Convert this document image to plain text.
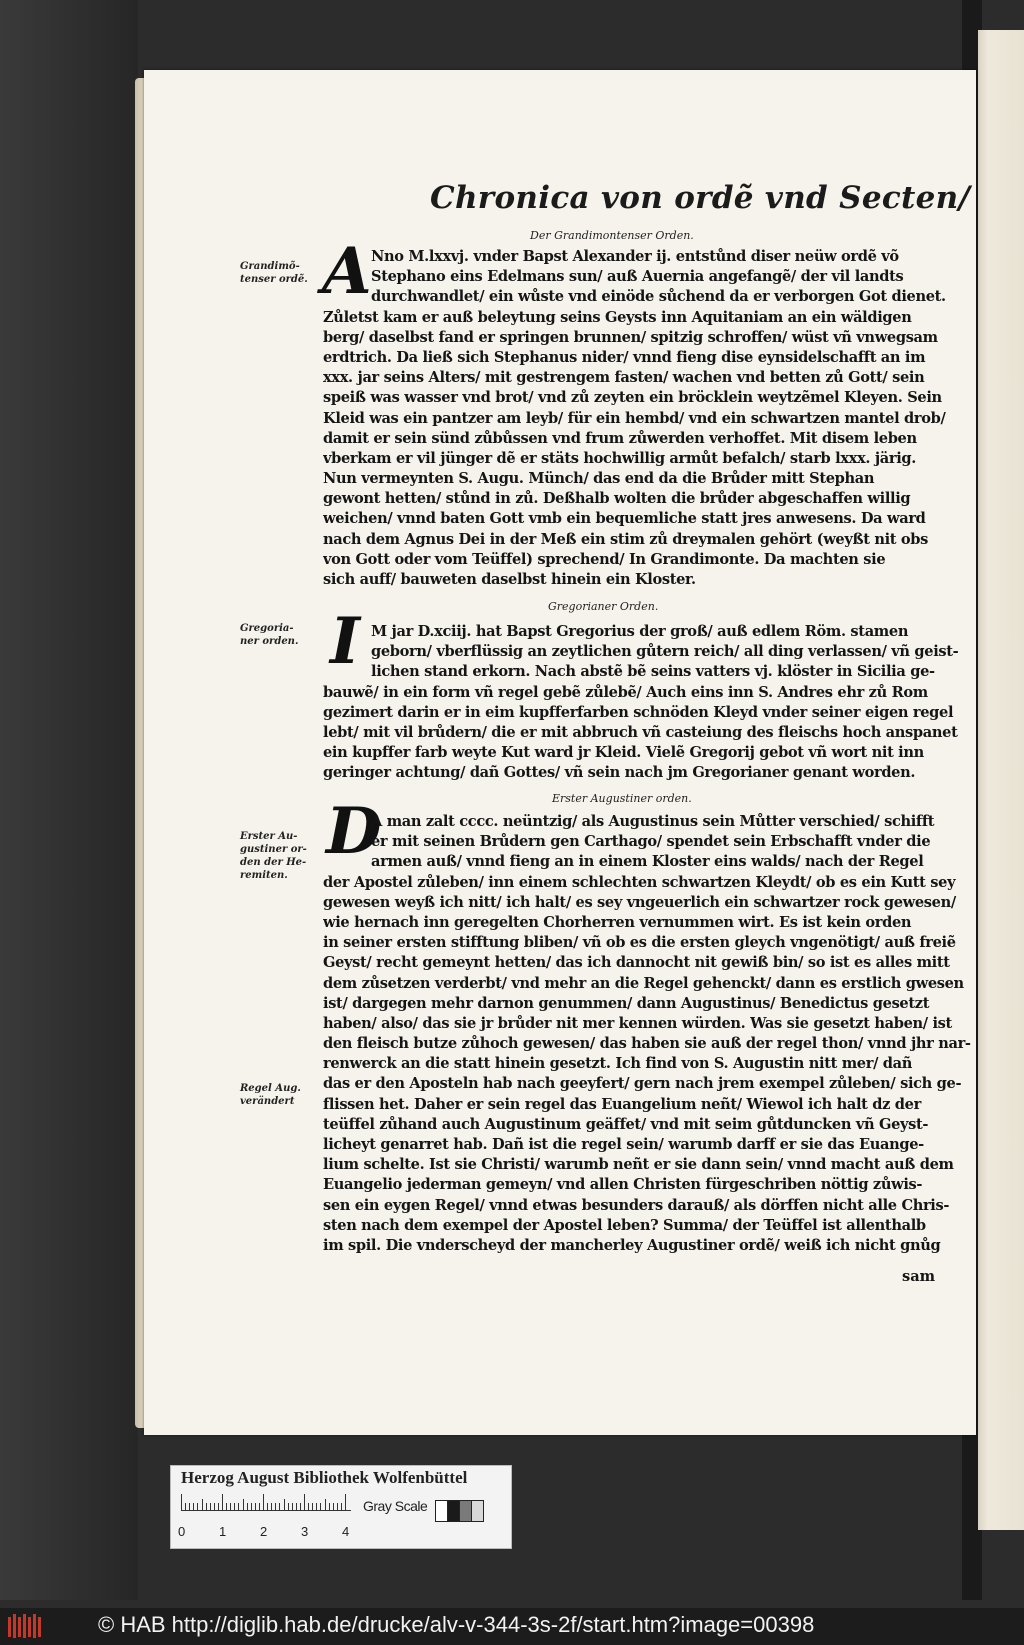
Chronica von ordẽ vnd Secten/
Der Grandimontenser Orden.
A
Grandimõ‑
tenser ordẽ.
Nno M.lxxvj. vnder Bapst Alexander ij. entstůnd diser neüw ordẽ võ
Stephano eins Edelmans sun/ auß Auernia angefangẽ/ der vil landts
durchwandlet/ ein wůste vnd einöde sůchend da er verborgen Got dienet.
Zůletst kam er auß beleytung seins Geysts inn Aquitaniam an ein wäldigen
berg/ daselbst fand er springen brunnen/ spitzig schroffen/ wüst vñ vnwegsam
erdtrich. Da ließ sich Stephanus nider/ vnnd fieng dise eynsidelschafft an im
xxx. jar seins Alters/ mit gestrengem fasten/ wachen vnd betten zů Gott/ sein
speiß was wasser vnd brot/ vnd zů zeyten ein bröcklein weytzẽmel Kleyen. Sein
Kleid was ein pantzer am leyb/ für ein hembd/ vnd ein schwartzen mantel drob/
damit er sein sünd zůbůssen vnd frum zůwerden verhoffet. Mit disem leben
vberkam er vil jünger dẽ er stäts hochwillig armůt befalch/ starb lxxx. järig.
Nun vermeynten S. Augu. Münch/ das end da die Brůder mitt Stephan
gewont hetten/ stůnd in zů. Deßhalb wolten die brůder abgeschaffen willig
weichen/ vnnd baten Gott vmb ein bequemliche statt jres anwesens. Da ward
nach dem Agnus Dei in der Meß ein stim zů dreymalen gehört (weyßt nit obs
von Gott oder vom Teüffel) sprechend/ In Grandimonte. Da machten sie
sich auff/ bauweten daselbst hinein ein Kloster.
Gregorianer Orden.
I
Gregoria‑
ner orden.
M jar D.xciij. hat Bapst Gregorius der groß/ auß edlem Röm. stamen
geborn/ vberflüssig an zeytlichen gůtern reich/ all ding verlassen/ vñ geist‑
lichen stand erkorn. Nach abstẽ bẽ seins vatters vj. klöster in Sicilia ge‑
bauwẽ/ in ein form vñ regel gebẽ zůlebẽ/ Auch eins inn S. Andres ehr zů Rom
gezimert darin er in eim kupfferfarben schnöden Kleyd vnder seiner eigen regel
lebt/ mit vil brůdern/ die er mit abbruch vñ casteiung des fleischs hoch anspanet
ein kupffer farb weyte Kut ward jr Kleid. Vielẽ Gregorij gebot vñ wort nit inn
geringer achtung/ dañ Gottes/ vñ sein nach jm Gregorianer genant worden.
Erster Augustiner orden.
D
Erster Au‑
gustiner or‑
den der He‑
remiten.
Regel Aug.
verändert
A man zalt cccc. neüntzig/ als Augustinus sein Můtter verschied/ schifft
er mit seinen Brůdern gen Carthago/ spendet sein Erbschafft vnder die
armen auß/ vnnd fieng an in einem Kloster eins walds/ nach der Regel
der Apostel zůleben/ inn einem schlechten schwartzen Kleydt/ ob es ein Kutt sey
gewesen weyß ich nitt/ ich halt/ es sey vngeuerlich ein schwartzer rock gewesen/
wie hernach inn geregelten Chorherren vernummen wirt. Es ist kein orden
in seiner ersten stifftung bliben/ vñ ob es die ersten gleych vngenötigt/ auß freiẽ
Geyst/ recht gemeynt hetten/ das ich dannocht nit gewiß bin/ so ist es alles mitt
dem zůsetzen verderbt/ vnd mehr an die Regel gehenckt/ dann es erstlich gwesen
ist/ dargegen mehr darnon genummen/ dann Augustinus/ Benedictus gesetzt
haben/ also/ das sie jr brůder nit mer kennen würden. Was sie gesetzt haben/ ist
den fleisch butze zůhoch gewesen/ das haben sie auß der regel thon/ vnnd jhr nar‑
renwerck an die statt hinein gesetzt. Ich find von S. Augustin nitt mer/ dañ
das er den Aposteln hab nach geeyfert/ gern nach jrem exempel zůleben/ sich ge‑
flissen het. Daher er sein regel das Euangelium neñt/ Wiewol ich halt dz der
teüffel zůhand auch Augustinum geäffet/ vnd mit seim gůtduncken vñ Geyst‑
licheyt genarret hab. Dañ ist die regel sein/ warumb darff er sie das Euange‑
lium schelte. Ist sie Christi/ warumb neñt er sie dann sein/ vnnd macht auß dem
Euangelio jederman gemeyn/ vnd allen Christen fürgeschriben nöttig zůwis‑
sen ein eygen Regel/ vnnd etwas besunders darauß/ als dörffen nicht alle Chris‑
sten nach dem exempel der Apostel leben? Summa/ der Teüffel ist allenthalb
im spil. Die vnderscheyd der mancherley Augustiner ordẽ/ weiß ich nicht gnůg
sam
Herzog August Bibliothek Wolfenbüttel
Gray Scale
0	1	2	3	4
© HAB http://diglib.hab.de/drucke/alv-v-344-3s-2f/start.htm?image=00398
